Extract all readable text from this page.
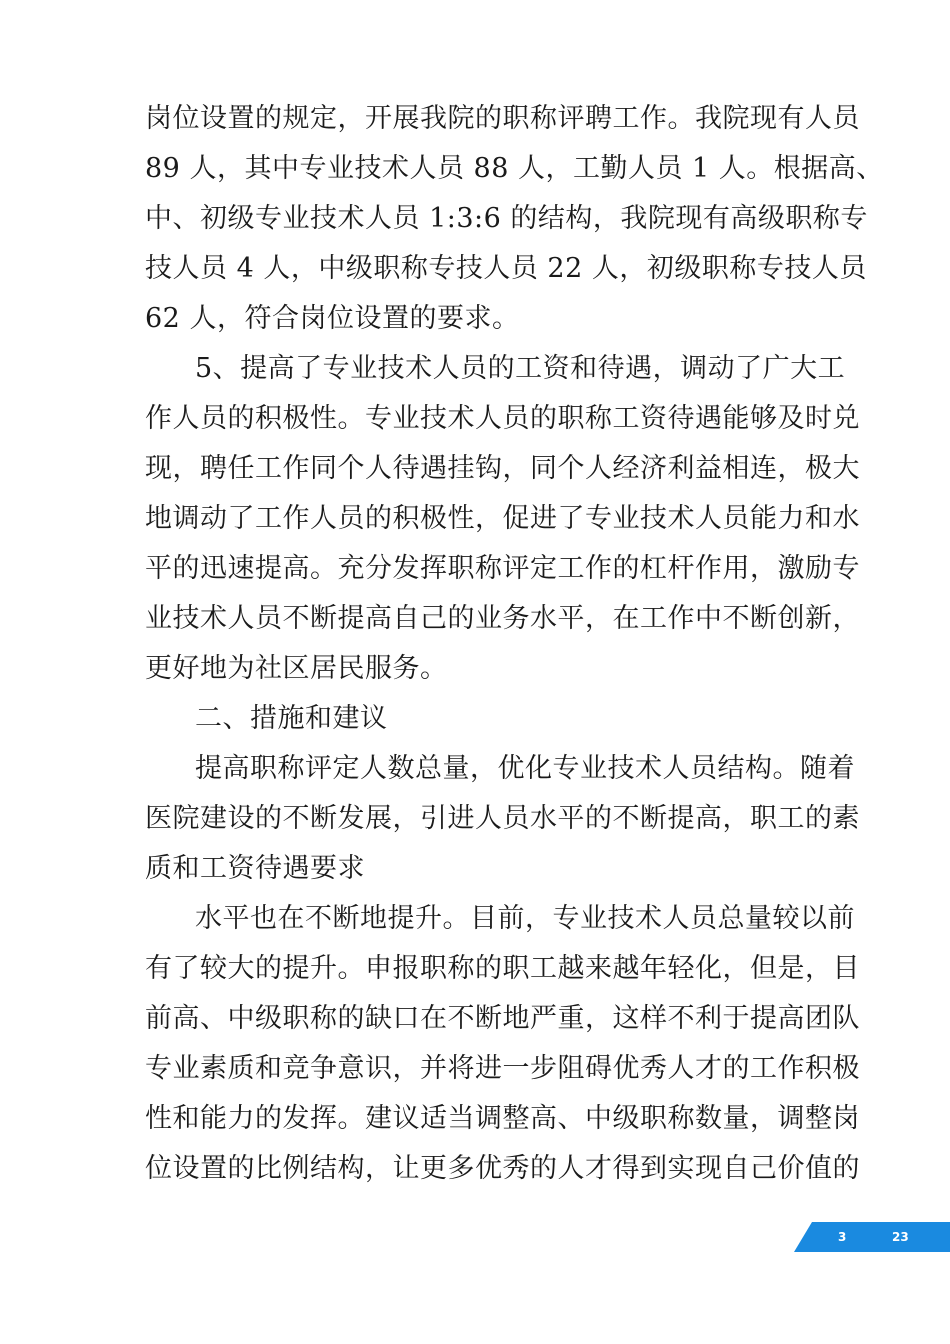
岗位设置的规定，开展我院的职称评聘工作。我院现有人员
89 人，其中专业技术人员 88 人，工勤人员 1 人。根据高、
中、初级专业技术人员 1:3:6 的结构，我院现有高级职称专
技人员 4 人，中级职称专技人员 22 人，初级职称专技人员
62 人，符合岗位设置的要求。
5、提高了专业技术人员的工资和待遇，调动了广大工
作人员的积极性。专业技术人员的职称工资待遇能够及时兑
现，聘任工作同个人待遇挂钩，同个人经济利益相连，极大
地调动了工作人员的积极性，促进了专业技术人员能力和水
平的迅速提高。充分发挥职称评定工作的杠杆作用，激励专
业技术人员不断提高自己的业务水平，在工作中不断创新，
更好地为社区居民服务。
二、措施和建议
提高职称评定人数总量，优化专业技术人员结构。随着
医院建设的不断发展，引进人员水平的不断提高，职工的素
质和工资待遇要求
水平也在不断地提升。目前，专业技术人员总量较以前
有了较大的提升。申报职称的职工越来越年轻化，但是，目
前高、中级职称的缺口在不断地严重，这样不利于提高团队
专业素质和竞争意识，并将进一步阻碍优秀人才的工作积极
性和能力的发挥。建议适当调整高、中级职称数量，调整岗
位设置的比例结构，让更多优秀的人才得到实现自己价值的
3	23
